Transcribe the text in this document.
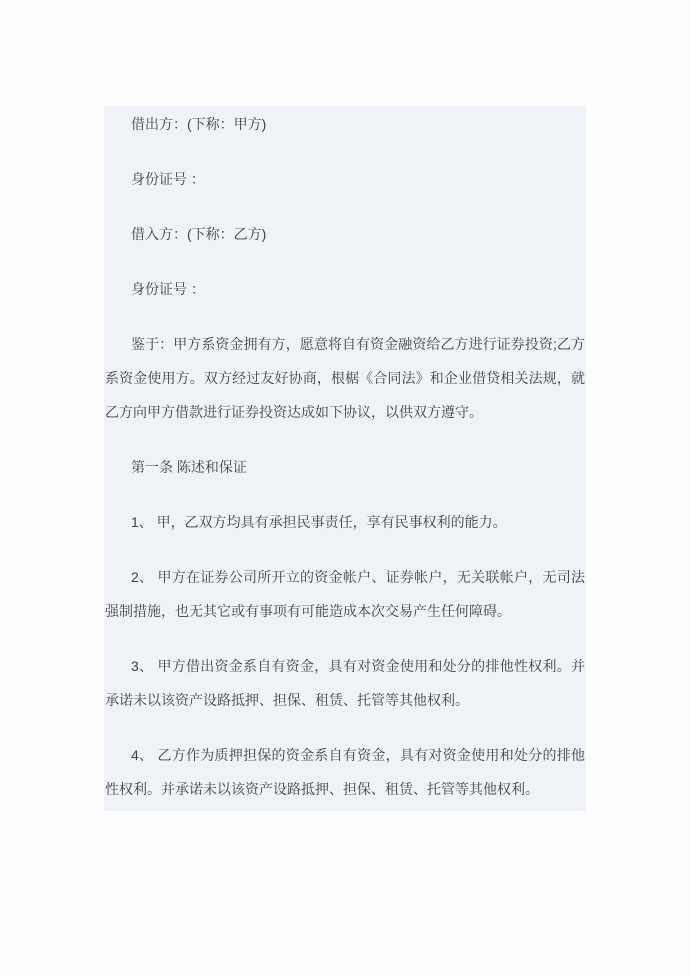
借出方：(下称：甲方)

身份证号 ：

借入方：(下称：乙方)

身份证号 ：

鉴于：甲方系资金拥有方，愿意将自有资金融资给乙方进行证券投资;乙方系资金使用方。双方经过友好协商，根椐《合同法》和企业借贷相关法规，就乙方向甲方借款进行证券投资达成如下协议，以供双方遵守。

第一条 陈述和保证

1、 甲，乙双方均具有承担民事责任，享有民事权利的能力。

2、 甲方在证券公司所开立的资金帐户、证券帐户，无关联帐户，无司法强制措施，也无其它或有事项有可能造成本次交易产生任何障碍。

3、 甲方借出资金系自有资金，具有对资金使用和处分的排他性权利。并承诺未以该资产设路抵押、担保、租赁、托管等其他权利。

4、 乙方作为质押担保的资金系自有资金，具有对资金使用和处分的排他性权利。并承诺未以该资产设路抵押、担保、租赁、托管等其他权利。
